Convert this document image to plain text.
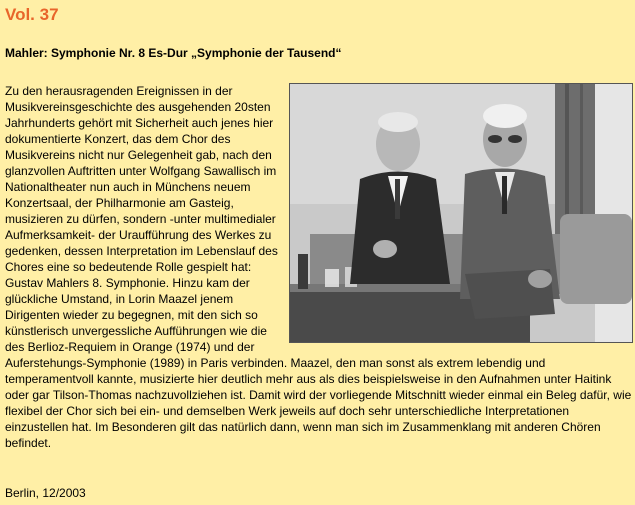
Vol. 37
Mahler: Symphonie Nr. 8 Es-Dur „Symphonie der Tausend“
Zu den herausragenden Ereignissen in der Musikvereinsgeschichte des ausgehenden 20sten Jahrhunderts gehört mit Sicherheit auch jenes hier dokumentierte Konzert, das dem Chor des Musikvereins nicht nur Gelegenheit gab, nach den glanzvollen Auftritten unter Wolfgang Sawallisch im Nationaltheater nun auch in Münchens neuem Konzertsaal, der Philharmonie am Gasteig, musizieren zu dürfen, sondern -unter multimedialer Aufmerksamkeit- der Uraufführung des Werkes zu gedenken, dessen Interpretation im Lebenslauf des Chores eine so bedeutende Rolle gespielt hat: Gustav Mahlers 8. Symphonie. Hinzu kam der glückliche Umstand, in Lorin Maazel jenem Dirigenten wieder zu begegnen, mit den sich so künstlerisch unvergessliche Aufführungen wie die des Berlioz-Requiem in Orange (1974) und der Auferstehungs-Symphonie (1989) in Paris verbinden. Maazel, den man sonst als extrem lebendig und temperamentvoll kannte, musizierte hier deutlich mehr aus als dies beispielsweise in den Aufnahmen unter Haitink oder gar Tilson-Thomas nachzuvollziehen ist. Damit wird der vorliegende Mitschnitt wieder einmal ein Beleg dafür, wie flexibel der Chor sich bei ein- und demselben Werk jeweils auf doch sehr unterschiedliche Interpretationen einzustellen hat. Im Besonderen gilt das natürlich dann, wenn man sich im Zusammenklang mit anderen Chören befindet.

Berlin, 12/2003
